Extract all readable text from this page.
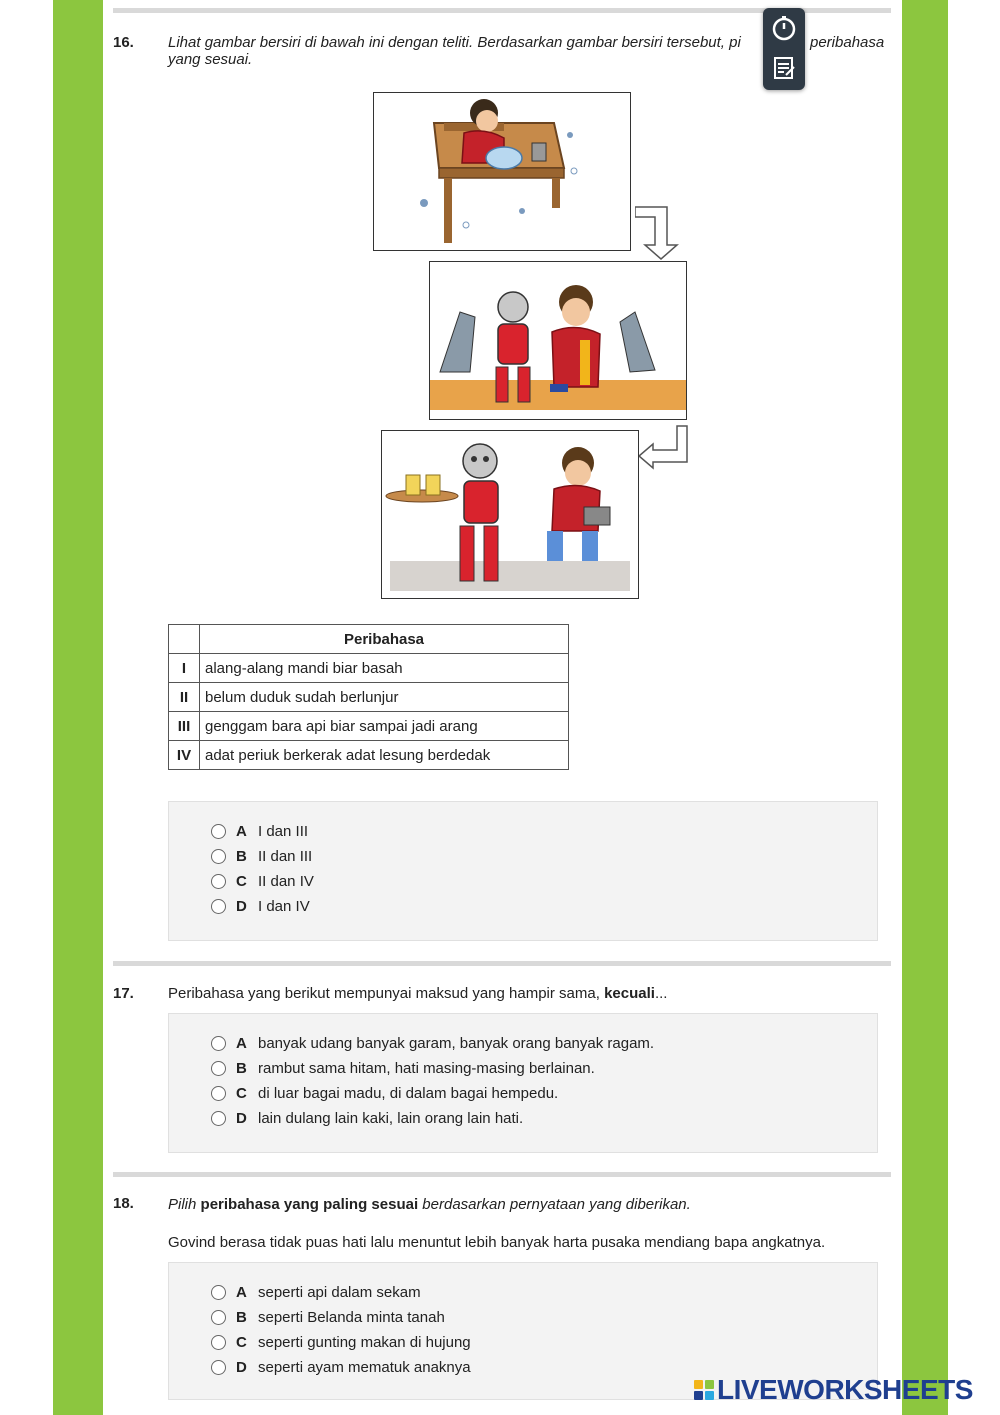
16. Lihat gambar bersiri di bawah ini dengan teliti. Berdasarkan gambar bersiri tersebut, pi	peribahasa
yang sesuai.
	Peribahasa
I	alang-alang mandi biar basah
II	belum duduk sudah berlunjur
III	genggam bara api biar sampai jadi arang
IV	adat periuk berkerak adat lesung berdedak
A I dan III
B II dan III
C II dan IV
D I dan IV
17. Peribahasa yang berikut mempunyai maksud yang hampir sama, kecuali...
A banyak udang banyak garam, banyak orang banyak ragam.
B rambut sama hitam, hati masing-masing berlainan.
C di luar bagai madu, di dalam bagai hempedu.
D lain dulang lain kaki, lain orang lain hati.
18. Pilih peribahasa yang paling sesuai berdasarkan pernyataan yang diberikan.
Govind berasa tidak puas hati lalu menuntut lebih banyak harta pusaka mendiang bapa angkatnya.
A seperti api dalam sekam
B seperti Belanda minta tanah
C seperti gunting makan di hujung
D seperti ayam mematuk anaknya
LIVEWORKSHEETS
